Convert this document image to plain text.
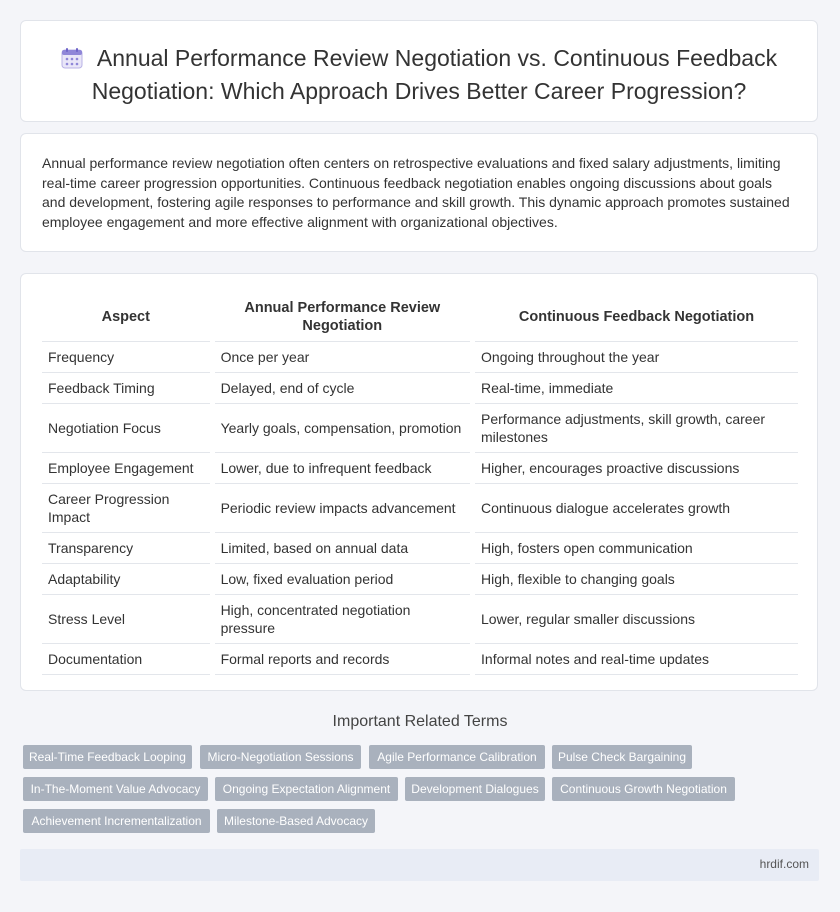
Annual Performance Review Negotiation vs. Continuous Feedback Negotiation: Which Approach Drives Better Career Progression?
Annual performance review negotiation often centers on retrospective evaluations and fixed salary adjustments, limiting real-time career progression opportunities. Continuous feedback negotiation enables ongoing discussions about goals and development, fostering agile responses to performance and skill growth. This dynamic approach promotes sustained employee engagement and more effective alignment with organizational objectives.
Aspect	Annual Performance Review Negotiation	Continuous Feedback Negotiation
Frequency	Once per year	Ongoing throughout the year
Feedback Timing	Delayed, end of cycle	Real-time, immediate
Negotiation Focus	Yearly goals, compensation, promotion	Performance adjustments, skill growth, career milestones
Employee Engagement	Lower, due to infrequent feedback	Higher, encourages proactive discussions
Career Progression Impact	Periodic review impacts advancement	Continuous dialogue accelerates growth
Transparency	Limited, based on annual data	High, fosters open communication
Adaptability	Low, fixed evaluation period	High, flexible to changing goals
Stress Level	High, concentrated negotiation pressure	Lower, regular smaller discussions
Documentation	Formal reports and records	Informal notes and real-time updates
Important Related Terms
Real-Time Feedback Looping	Micro-Negotiation Sessions	Agile Performance Calibration	Pulse Check Bargaining
In-The-Moment Value Advocacy	Ongoing Expectation Alignment	Development Dialogues	Continuous Growth Negotiation
Achievement Incrementalization	Milestone-Based Advocacy
hrdif.com
